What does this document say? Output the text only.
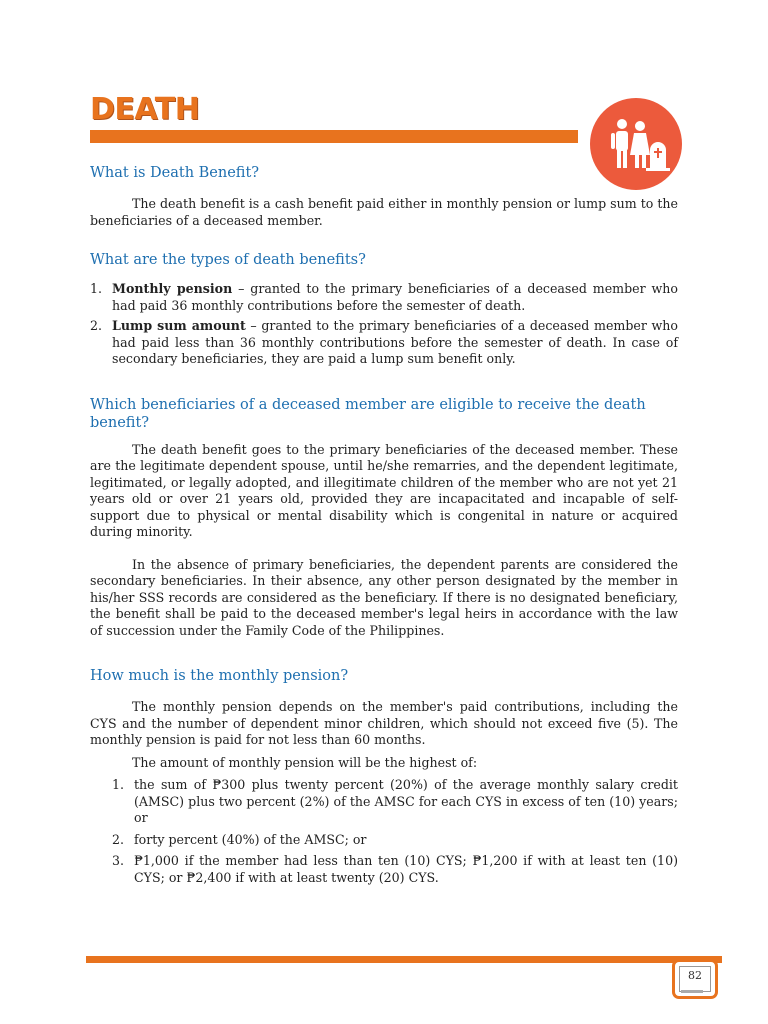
DEATH
What is Death Benefit?

The death benefit is a cash benefit paid either in monthly pension or lump sum to the beneficiaries of a deceased member.

What are the types of death benefits?
1. Monthly pension – granted to the primary beneficiaries of a deceased member who had paid 36 monthly contributions before the semester of death.
2. Lump sum amount – granted to the primary beneficiaries of a deceased member who had paid less than 36 monthly contributions before the semester of death. In case of secondary beneficiaries, they are paid a lump sum benefit only.
Which beneficiaries of a deceased member are eligible to receive the death benefit?

The death benefit goes to the primary beneficiaries of the deceased member. These are the legitimate dependent spouse, until he/she remarries, and the dependent legitimate, legitimated, or legally adopted, and illegitimate children of the member who are not yet 21 years old or over 21 years old, provided they are incapacitated and incapable of self-support due to physical or mental disability which is congenital in nature or acquired during minority.

In the absence of primary beneficiaries, the dependent parents are considered the secondary beneficiaries. In their absence, any other person designated by the member in his/her SSS records are considered as the beneficiary. If there is no designated beneficiary, the benefit shall be paid to the deceased member's legal heirs in accordance with the law of succession under the Family Code of the Philippines.

How much is the monthly pension?

The monthly pension depends on the member's paid contributions, including the CYS and the number of dependent minor children, which should not exceed five (5). The monthly pension is paid for not less than 60 months.

The amount of monthly pension will be the highest of:

1. the sum of ₱300 plus twenty percent (20%) of the average monthly salary credit (AMSC) plus two percent (2%) of the AMSC for each CYS in excess of ten (10) years; or
2. forty percent (40%) of the AMSC; or
3. ₱1,000 if the member had less than ten (10) CYS; ₱1,200 if with at least ten (10) CYS; or ₱2,400 if with at least twenty (20) CYS.
82
